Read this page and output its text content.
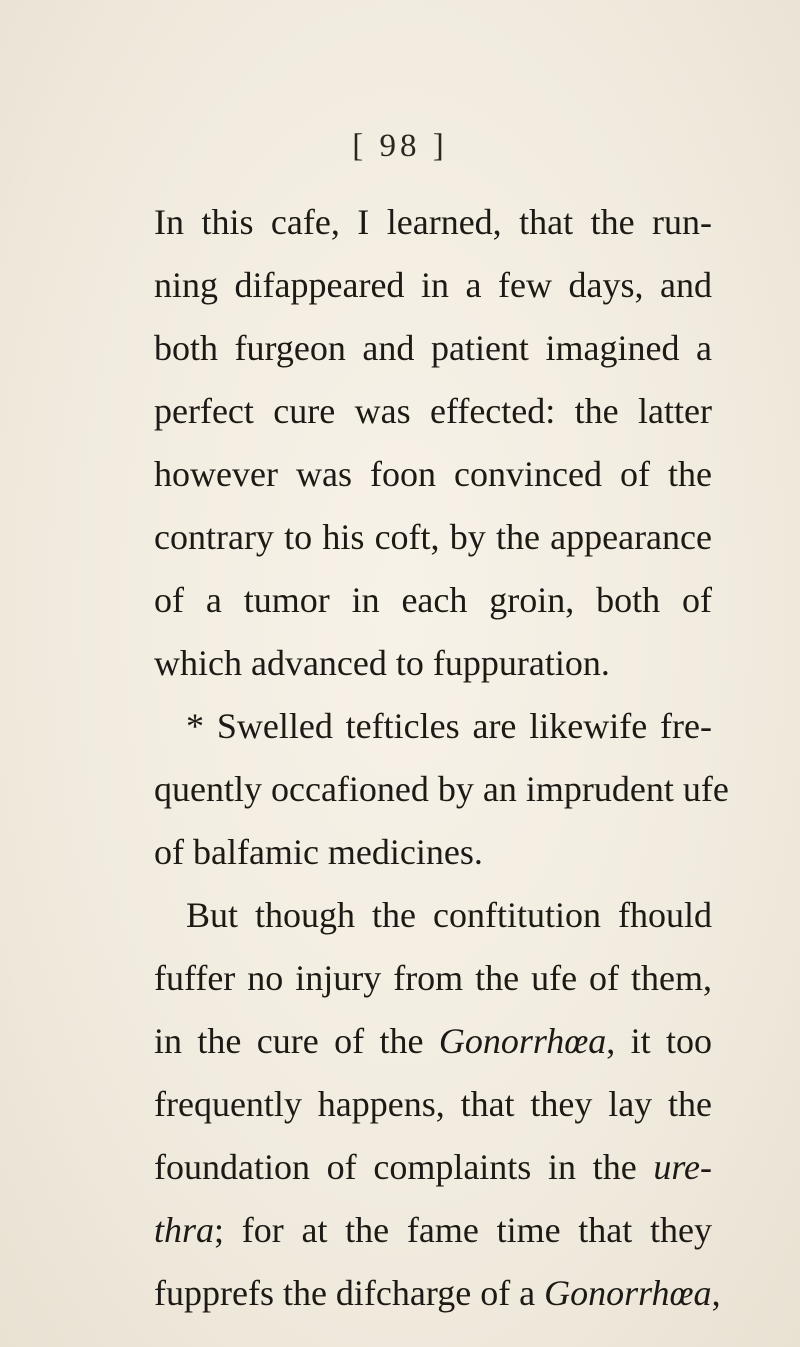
[ 98 ]
In this cafe, I learned, that the run-
ning difappeared in a few days, and
both furgeon and patient imagined a
perfect cure was effected: the latter
however was foon convinced of the
contrary to his coft, by the appearance
of a tumor in each groin, both of
which advanced to fuppuration.
* Swelled tefticles are likewife fre-
quently occafioned by an imprudent ufe
of balfamic medicines.
But though the conftitution fhould
fuffer no injury from the ufe of them,
in the cure of the Gonorrhœa, it too
frequently happens, that they lay the
foundation of complaints in the ure-
thra; for at the fame time that they
fupprefs the difcharge of a Gonorrhœa,
